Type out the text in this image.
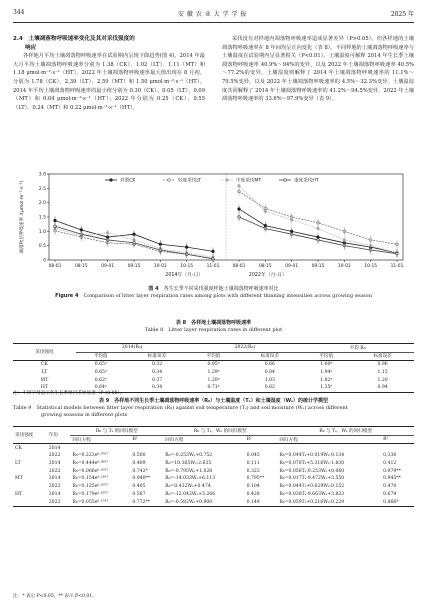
344	安 徽 农 业 大 学 学 报	2025 年
2.4　土壤凋落物呼吸速率变化及其对采伐强度的
响应

各样地月平均土壤凋落物呼吸速率在试验期内呈现下降趋势(图 4)。2014 年最大月平均土壤凋落物呼吸速率分别为 1.38（CK）、1.02（LT）、1.11（MT）和 1.18 μmol·m⁻²·s⁻¹（HT）。2022 年土壤凋落物呼吸速率最大值出现在 8 月初，分别为 1.78（CK）、2.39（LT）、2.59（MT）和 1.50 μmol·m⁻²·s⁻¹（HT）。2014 年平均土壤凋落物呼吸速率的最小值分别为 0.30（CK）、0.05（LT）、0.09（MT）和 0.04 μmol·m⁻²·s⁻¹（HT）；2022 年分别为 0.25（CK）、0.55（LT）、0.24（MT）和 0.22 μmol·m⁻²·s⁻¹（HT）。

采伐没有对样地内凋落物呼吸速率造成显著差异（P>0.05）。但各样地的土壤凋落物呼吸速率在 8 年间均呈正向变化（表 8）。不同样地的土壤凋落物呼吸速率与土壤温度在试验期内呈显著相关（P<0.01）。土壤温度可解释 2014 年生长季土壤凋落物呼吸速率 40.9%～94%的变异，以及 2022 年土壤凋落物呼吸速率 40.5%～77.2%的变异。土壤湿度则解释了 2014 年土壤凋落物呼吸速率的 11.1%～79.5%变异，以及 2022 年土壤凋落物呼吸速率的 4.5%～32.3%变异。土壤温湿度共同解释了 2014 年土壤凋落物呼吸速率的 41.2%～94.5%变异，2022 年土壤凋落物呼吸速率的 33.6%～97.9%变异（表 9）。

0
0.5
1.0
1.5
2.0
2.5
3.0
08-01	08-15	09-01	09-15	10-01	10-15	11-01	08-01	08-15	09-01	09-15	10-01	10-15	11-01
对照CK	轻度采伐LT	中度采伐MT	重度采伐HT
2014年（月-日）　　　　　　　　　　2022年（月-日）
凋落物层呼吸速率 /(μmol·m⁻²·s⁻¹)
图 4　 各生长季不同采伐强度样地土壤凋落物呼吸速率对比
Figure 4　 Comparison of litter layer respiration rates among plots with different thinning intensities across growing season
表 8　各样地土壤凋落物呼吸速率
Table 8　Litter layer respiration rates in different plot
采伐强度	2014(R₀)		2022(R₀)		平均 R₀	
	平均值	标准误差	平均值	标准误差	平均值	标准误差
CK	0.65ᵃ	0.32	0.95ᵃ	0.66	1.60ᵃ	0.96
LT	0.65ᵃ	0.34	1.29ᵃ	0.84	1.94ᵃ	1.15
MT	0.62ᵃ	0.37	1.20ᵃ	1.03	1.82ᵃ	1.20
HT	0.64ᵃ	0.34	0.71ᵃ	0.62	1.35ᵃ	0.94
注：不同字母表示各生长季组内差异显著（P<0.05）。
表 9　各样地不同生长季土壤凋落物呼吸速率（R₀）与土壤温度（Tₛ）和土壤湿度（Wₛ）的统计学模型
Table 9　Statistical models between litter layer respiration (R₀) against soil temperature (Tₛ) and soil moisture (Wₛ) across different
growing seasons in different plots
采伐强度	年份	R₀ 与 Tₛ 的回归模型		R₀ 与 Tₛ、Wₛ 的回归模型		R₀ 与 Tₛ、Wₛ 的回归模型	
		回归方程	R²	回归方程	R²	回归方程	R²
CK	2014						
	2022	R₀=0.223e⁰·⁰⁷⁸ᵀ	0.500	R₀=-0.253Wₛ+0.752	0.045	R₀=0.044Tₛ+0.019Wₛ-0.134	0.336
LT	2014	R₀=0.444e⁰·⁰⁸⁵ᵀ	0.409	R₀=10.365Wₛ-2.635	0.111	R₀=0.076Tₛ+5.316Wₛ-1.830	0.412
	2022	R₀=0.066e⁰·¹⁶⁵ᵀ	0.742*	R₀=-0.795Wₛ+1.028	0.323	R₀=0.056Tₛ-0.253Wₛ+0.060	0.979**
MT	2014	R₀=0.154e⁰·²¹⁸ᵀ	0.940**	R₀=-14.033Wₛ+6.113	0.795**	R₀=0.017Tₛ-9.472Wₛ+3.550	0.945**
	2022	R₀=0.125e⁰·¹⁶⁵ᵀ	0.405	R₀=0.432Wₛ+0.474	0.104	R₀=0.044Tₛ+0.629Wₛ-0.152	0.470
HT	2014	R₀=0.179e⁰·¹⁸⁵ᵀ	0.567	R₀=-12.042Wₛ+5.266	0.428	R₀=0.038Tₛ-9.663Wₛ+3.823	0.679
	2022	R₀=0.055e⁰·¹⁷⁴ᵀ	0.772**	R₀=-0.582Wₛ+0.900	0.149	R₀=0.059Tₛ+0.216Wₛ-0.229	0.866*
注：* 表示 P<0.05，** 表示 P<0.01。
